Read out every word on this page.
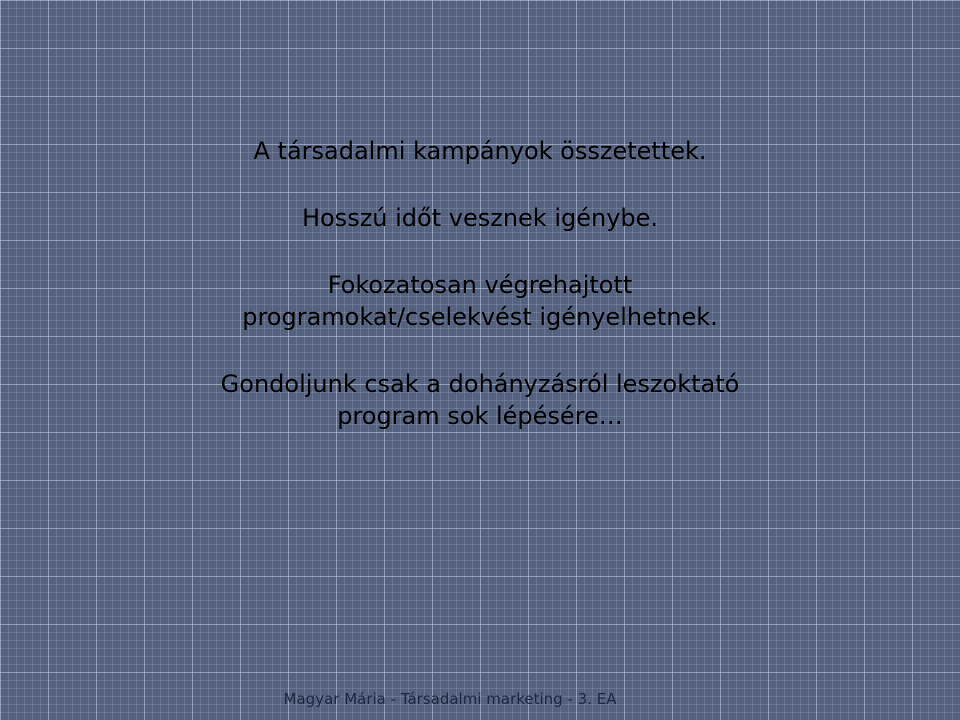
A társadalmi kampányok összetettek.

Hosszú időt vesznek igénybe.

Fokozatosan végrehajtott
programokat/cselekvést igényelhetnek.

Gondoljunk csak a dohányzásról leszoktató
program sok lépésére…

Magyar Mária - Társadalmi marketing - 3. EA
